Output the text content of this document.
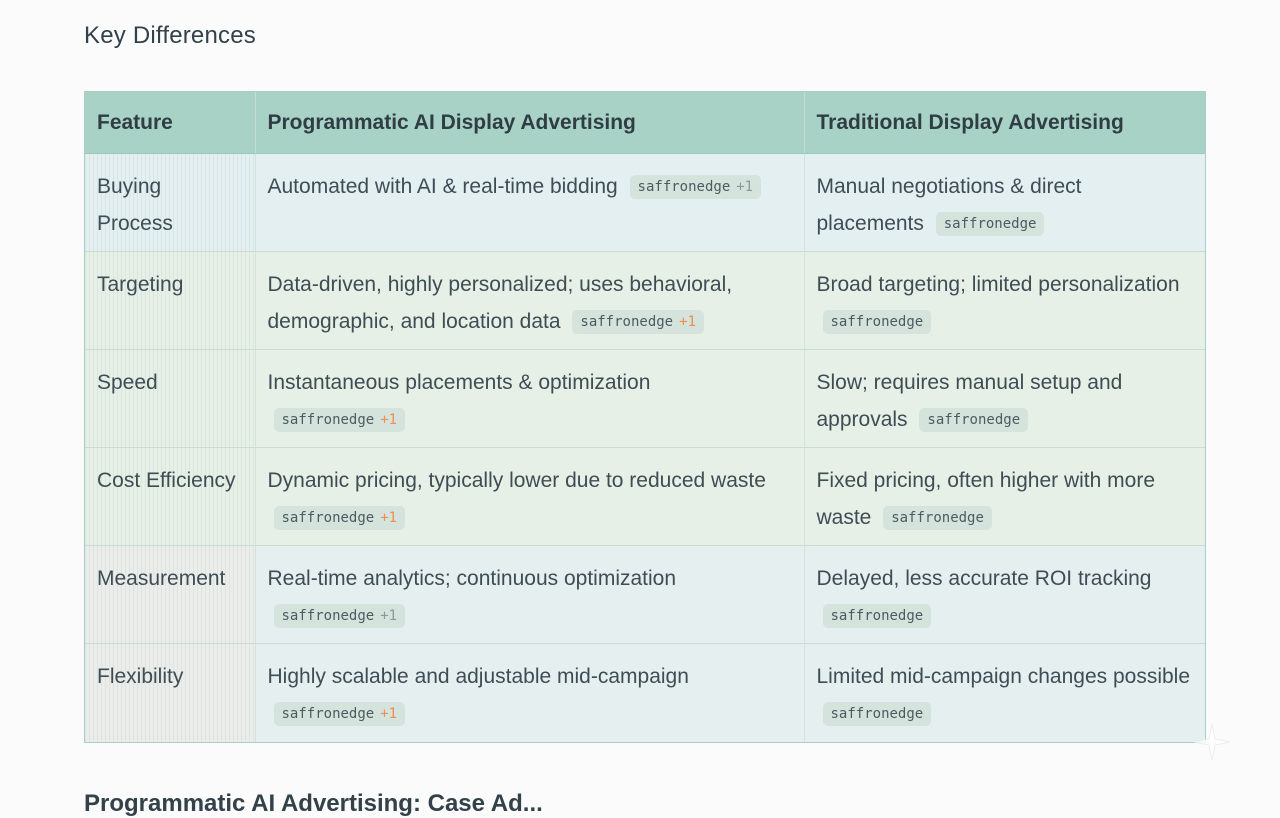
Key Differences
Feature	Programmatic AI Display Advertising	Traditional Display Advertising
Buying Process	Automated with AI & real-time bidding saffronedge +1	Manual negotiations & direct placements saffronedge
Targeting	Data-driven, highly personalized; uses behavioral, demographic, and location data saffronedge +1	Broad targeting; limited personalization saffronedge
Speed	Instantaneous placements & optimization saffronedge +1	Slow; requires manual setup and approvals saffronedge
Cost Efficiency	Dynamic pricing, typically lower due to reduced waste saffronedge +1	Fixed pricing, often higher with more waste saffronedge
Measurement	Real-time analytics; continuous optimization saffronedge +1	Delayed, less accurate ROI tracking saffronedge
Flexibility	Highly scalable and adjustable mid-campaign saffronedge +1	Limited mid-campaign changes possible saffronedge
Programmatic AI Advertising: Case Ad...
